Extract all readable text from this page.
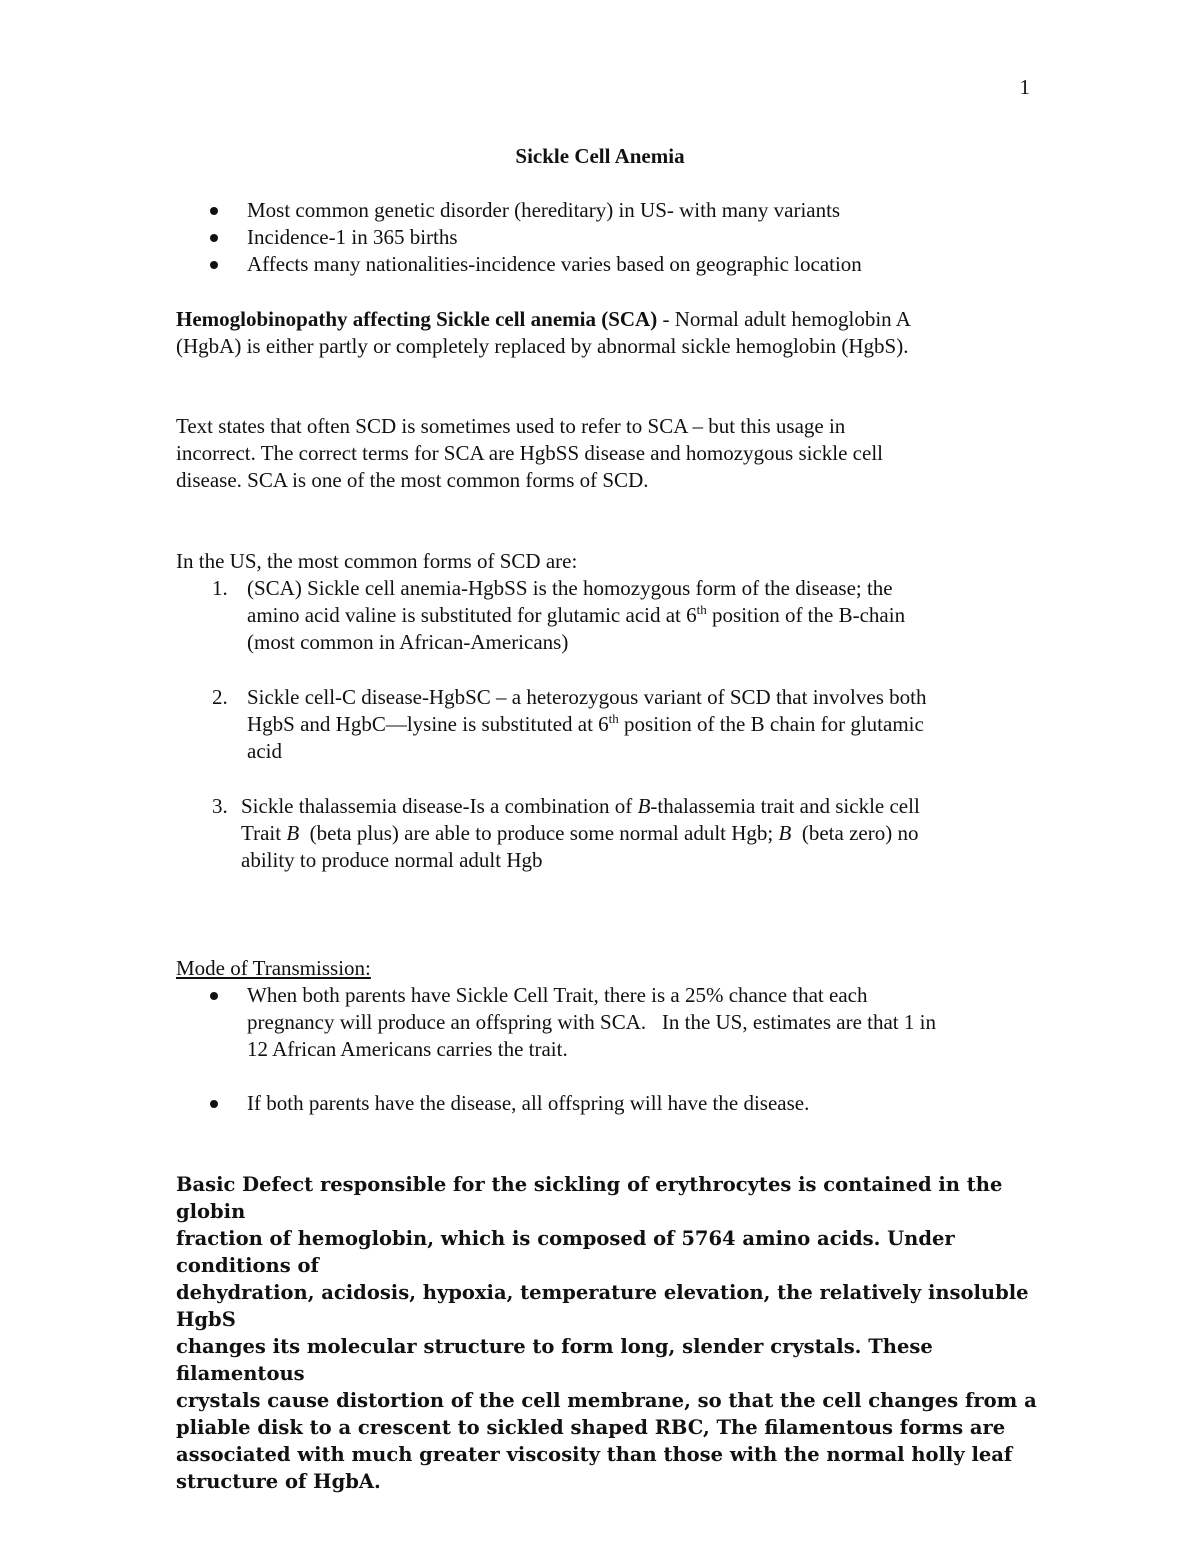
1
Sickle Cell Anemia
Most common genetic disorder (hereditary) in US- with many variants
Incidence-1 in 365 births
Affects many nationalities-incidence varies based on geographic location
Hemoglobinopathy affecting Sickle cell anemia (SCA) - Normal adult hemoglobin A
(HgbA) is either partly or completely replaced by abnormal sickle hemoglobin (HgbS).
Text states that often SCD is sometimes used to refer to SCA – but this usage in
incorrect. The correct terms for SCA are HgbSS disease and homozygous sickle cell
disease. SCA is one of the most common forms of SCD.
In the US, the most common forms of SCD are:
1. (SCA) Sickle cell anemia-HgbSS is the homozygous form of the disease; the
amino acid valine is substituted for glutamic acid at 6th position of the B-chain
(most common in African-Americans)
2. Sickle cell-C disease-HgbSC – a heterozygous variant of SCD that involves both
HgbS and HgbC—lysine is substituted at 6th position of the B chain for glutamic
acid
3. Sickle thalassemia disease-Is a combination of B-thalassemia trait and sickle cell
Trait B  (beta plus) are able to produce some normal adult Hgb; B  (beta zero) no
ability to produce normal adult Hgb
Mode of Transmission:
When both parents have Sickle Cell Trait, there is a 25% chance that each
pregnancy will produce an offspring with SCA.   In the US, estimates are that 1 in
12 African Americans carries the trait.
If both parents have the disease, all offspring will have the disease.
Basic Defect responsible for the sickling of erythrocytes is contained in the globin
fraction of hemoglobin, which is composed of 5764 amino acids. Under conditions of
dehydration, acidosis, hypoxia, temperature elevation, the relatively insoluble HgbS
changes its molecular structure to form long, slender crystals. These filamentous
crystals cause distortion of the cell membrane, so that the cell changes from a
pliable disk to a crescent to sickled shaped RBC, The filamentous forms are
associated with much greater viscosity than those with the normal holly leaf
structure of HgbA.
